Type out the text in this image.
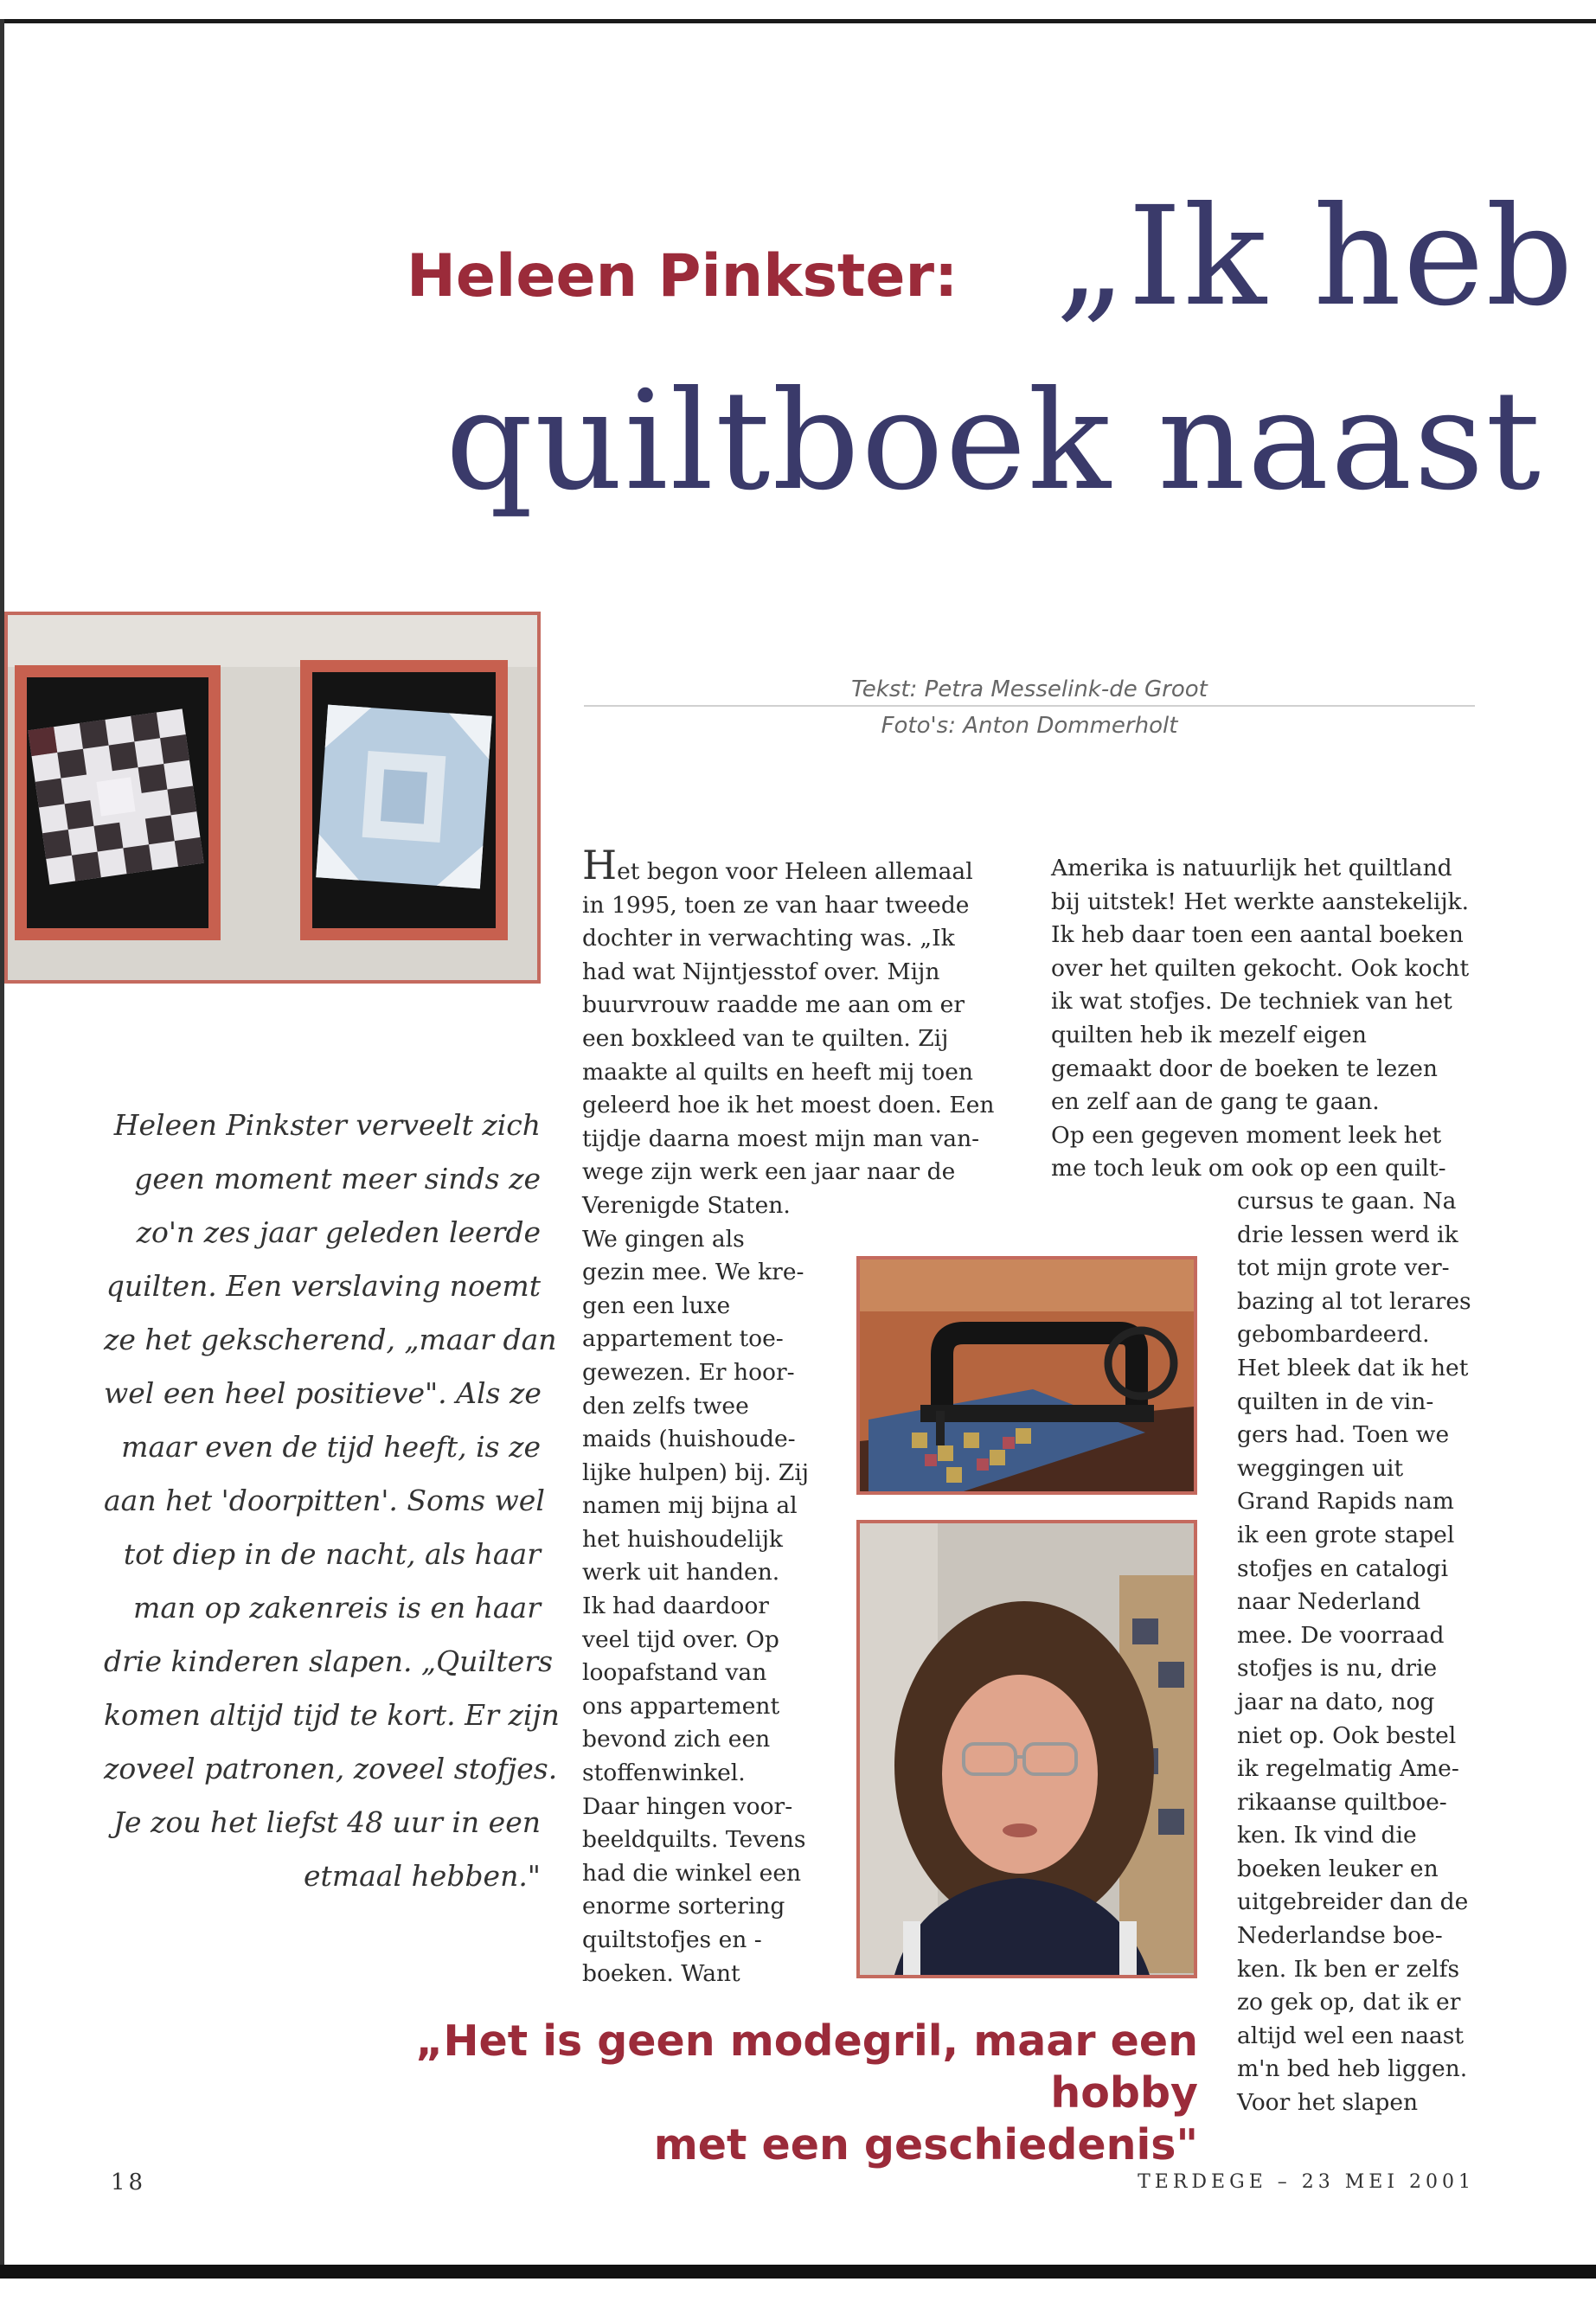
Heleen Pinkster: „Ik heb
quiltboek naast
Tekst: Petra Messelink-de Groot
Foto's: Anton Dommerholt
Heleen Pinkster verveelt zich
geen moment meer sinds ze
zo'n zes jaar geleden leerde
quilten. Een verslaving noemt
ze het gekscherend, „maar dan
wel een heel positieve". Als ze
maar even de tijd heeft, is ze
aan het 'doorpitten'. Soms wel
tot diep in de nacht, als haar
man op zakenreis is en haar
drie kinderen slapen. „Quilters
komen altijd tijd te kort. Er zijn
zoveel patronen, zoveel stofjes.
Je zou het liefst 48 uur in een
etmaal hebben."
Het begon voor Heleen allemaal
in 1995, toen ze van haar tweede
dochter in verwachting was. „Ik
had wat Nijntjesstof over. Mijn
buurvrouw raadde me aan om er
een boxkleed van te quilten. Zij
maakte al quilts en heeft mij toen
geleerd hoe ik het moest doen. Een
tijdje daarna moest mijn man van-
wege zijn werk een jaar naar de
Verenigde Staten.
We gingen als
gezin mee. We kre-
gen een luxe
appartement toe-
gewezen. Er hoor-
den zelfs twee
maids (huishoude-
lijke hulpen) bij. Zij
namen mij bijna al
het huishoudelijk
werk uit handen.
Ik had daardoor
veel tijd over. Op
loopafstand van
ons appartement
bevond zich een
stoffenwinkel.
Daar hingen voor-
beeldquilts. Tevens
had die winkel een
enorme sortering
quiltstofjes en -
boeken. Want
Amerika is natuurlijk het quiltland
bij uitstek! Het werkte aanstekelijk.
Ik heb daar toen een aantal boeken
over het quilten gekocht. Ook kocht
ik wat stofjes. De techniek van het
quilten heb ik mezelf eigen
gemaakt door de boeken te lezen
en zelf aan de gang te gaan.
Op een gegeven moment leek het
me toch leuk om ook op een quilt-
cursus te gaan. Na
drie lessen werd ik
tot mijn grote ver-
bazing al tot lerares
gebombardeerd.
Het bleek dat ik het
quilten in de vin-
gers had. Toen we
weggingen uit
Grand Rapids nam
ik een grote stapel
stofjes en catalogi
naar Nederland
mee. De voorraad
stofjes is nu, drie
jaar na dato, nog
niet op. Ook bestel
ik regelmatig Ame-
rikaanse quiltboe-
ken. Ik vind die
boeken leuker en
uitgebreider dan de
Nederlandse boe-
ken. Ik ben er zelfs
zo gek op, dat ik er
altijd wel een naast
m'n bed heb liggen.
Voor het slapen
„Het is geen modegril, maar een hobby
met een geschiedenis"
18	TERDEGE – 23 MEI 2001
